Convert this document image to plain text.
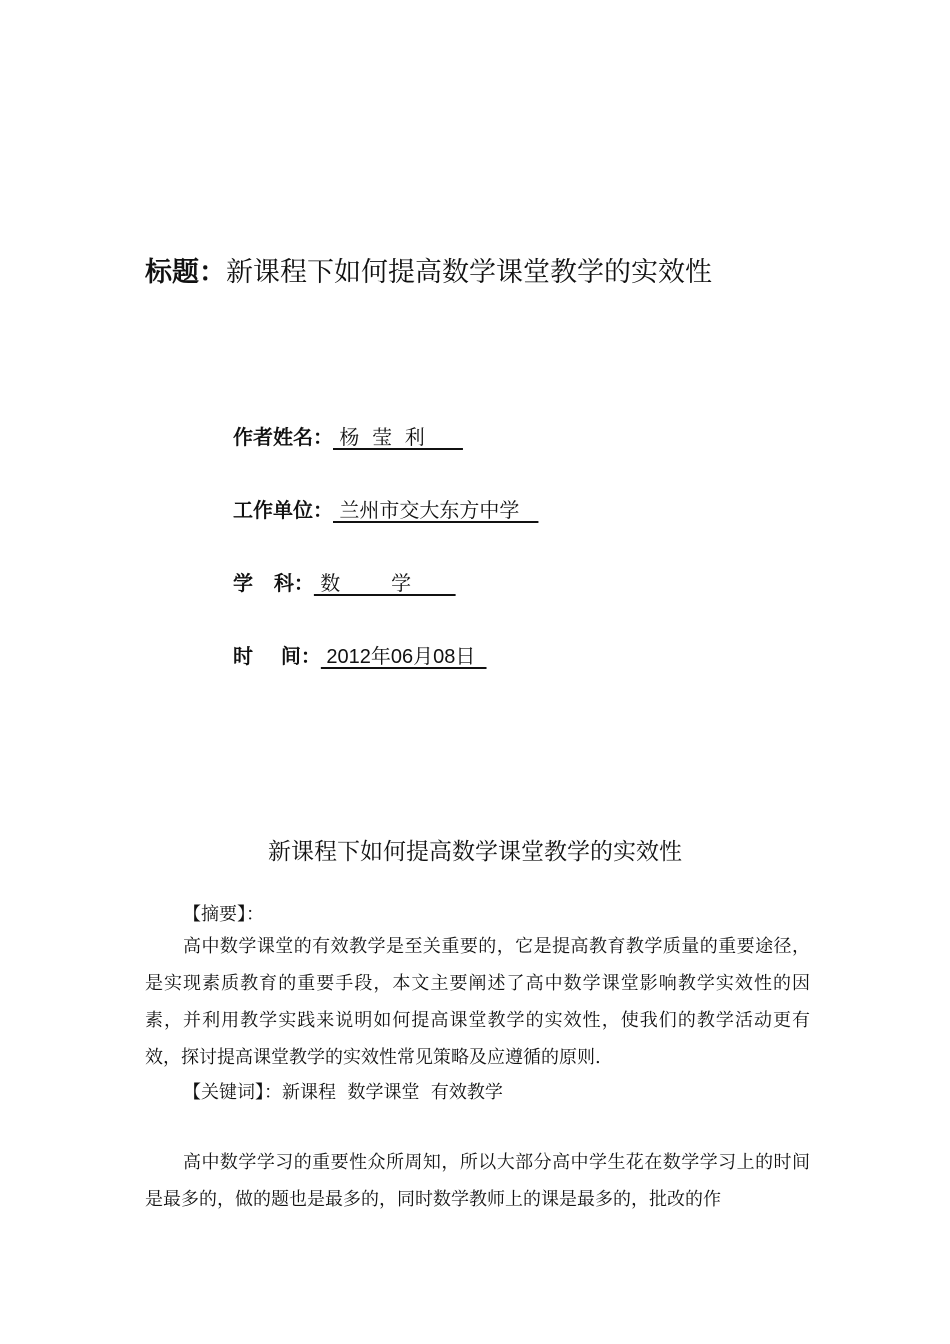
标题：新课程下如何提高数学课堂教学的实效性
作者姓名： 杨  莹  利
工作单位： 兰州市交大东方中学
学   科： 数        学
时    间： 2012年06月08日
新课程下如何提高数学课堂教学的实效性
【摘要】：
高中数学课堂的有效教学是至关重要的，它是提高教育教学质量的重要途径，是实现素质教育的重要手段，本文主要阐述了高中数学课堂影响教学实效性的因素，并利用教学实践来说明如何提高课堂教学的实效性，使我们的教学活动更有效，探讨提高课堂教学的实效性常见策略及应遵循的原则.
【关键词】：新课程  数学课堂  有效教学
高中数学学习的重要性众所周知，所以大部分高中学生花在数学学习上的时间是最多的，做的题也是最多的，同时数学教师上的课是最多的，批改的作
